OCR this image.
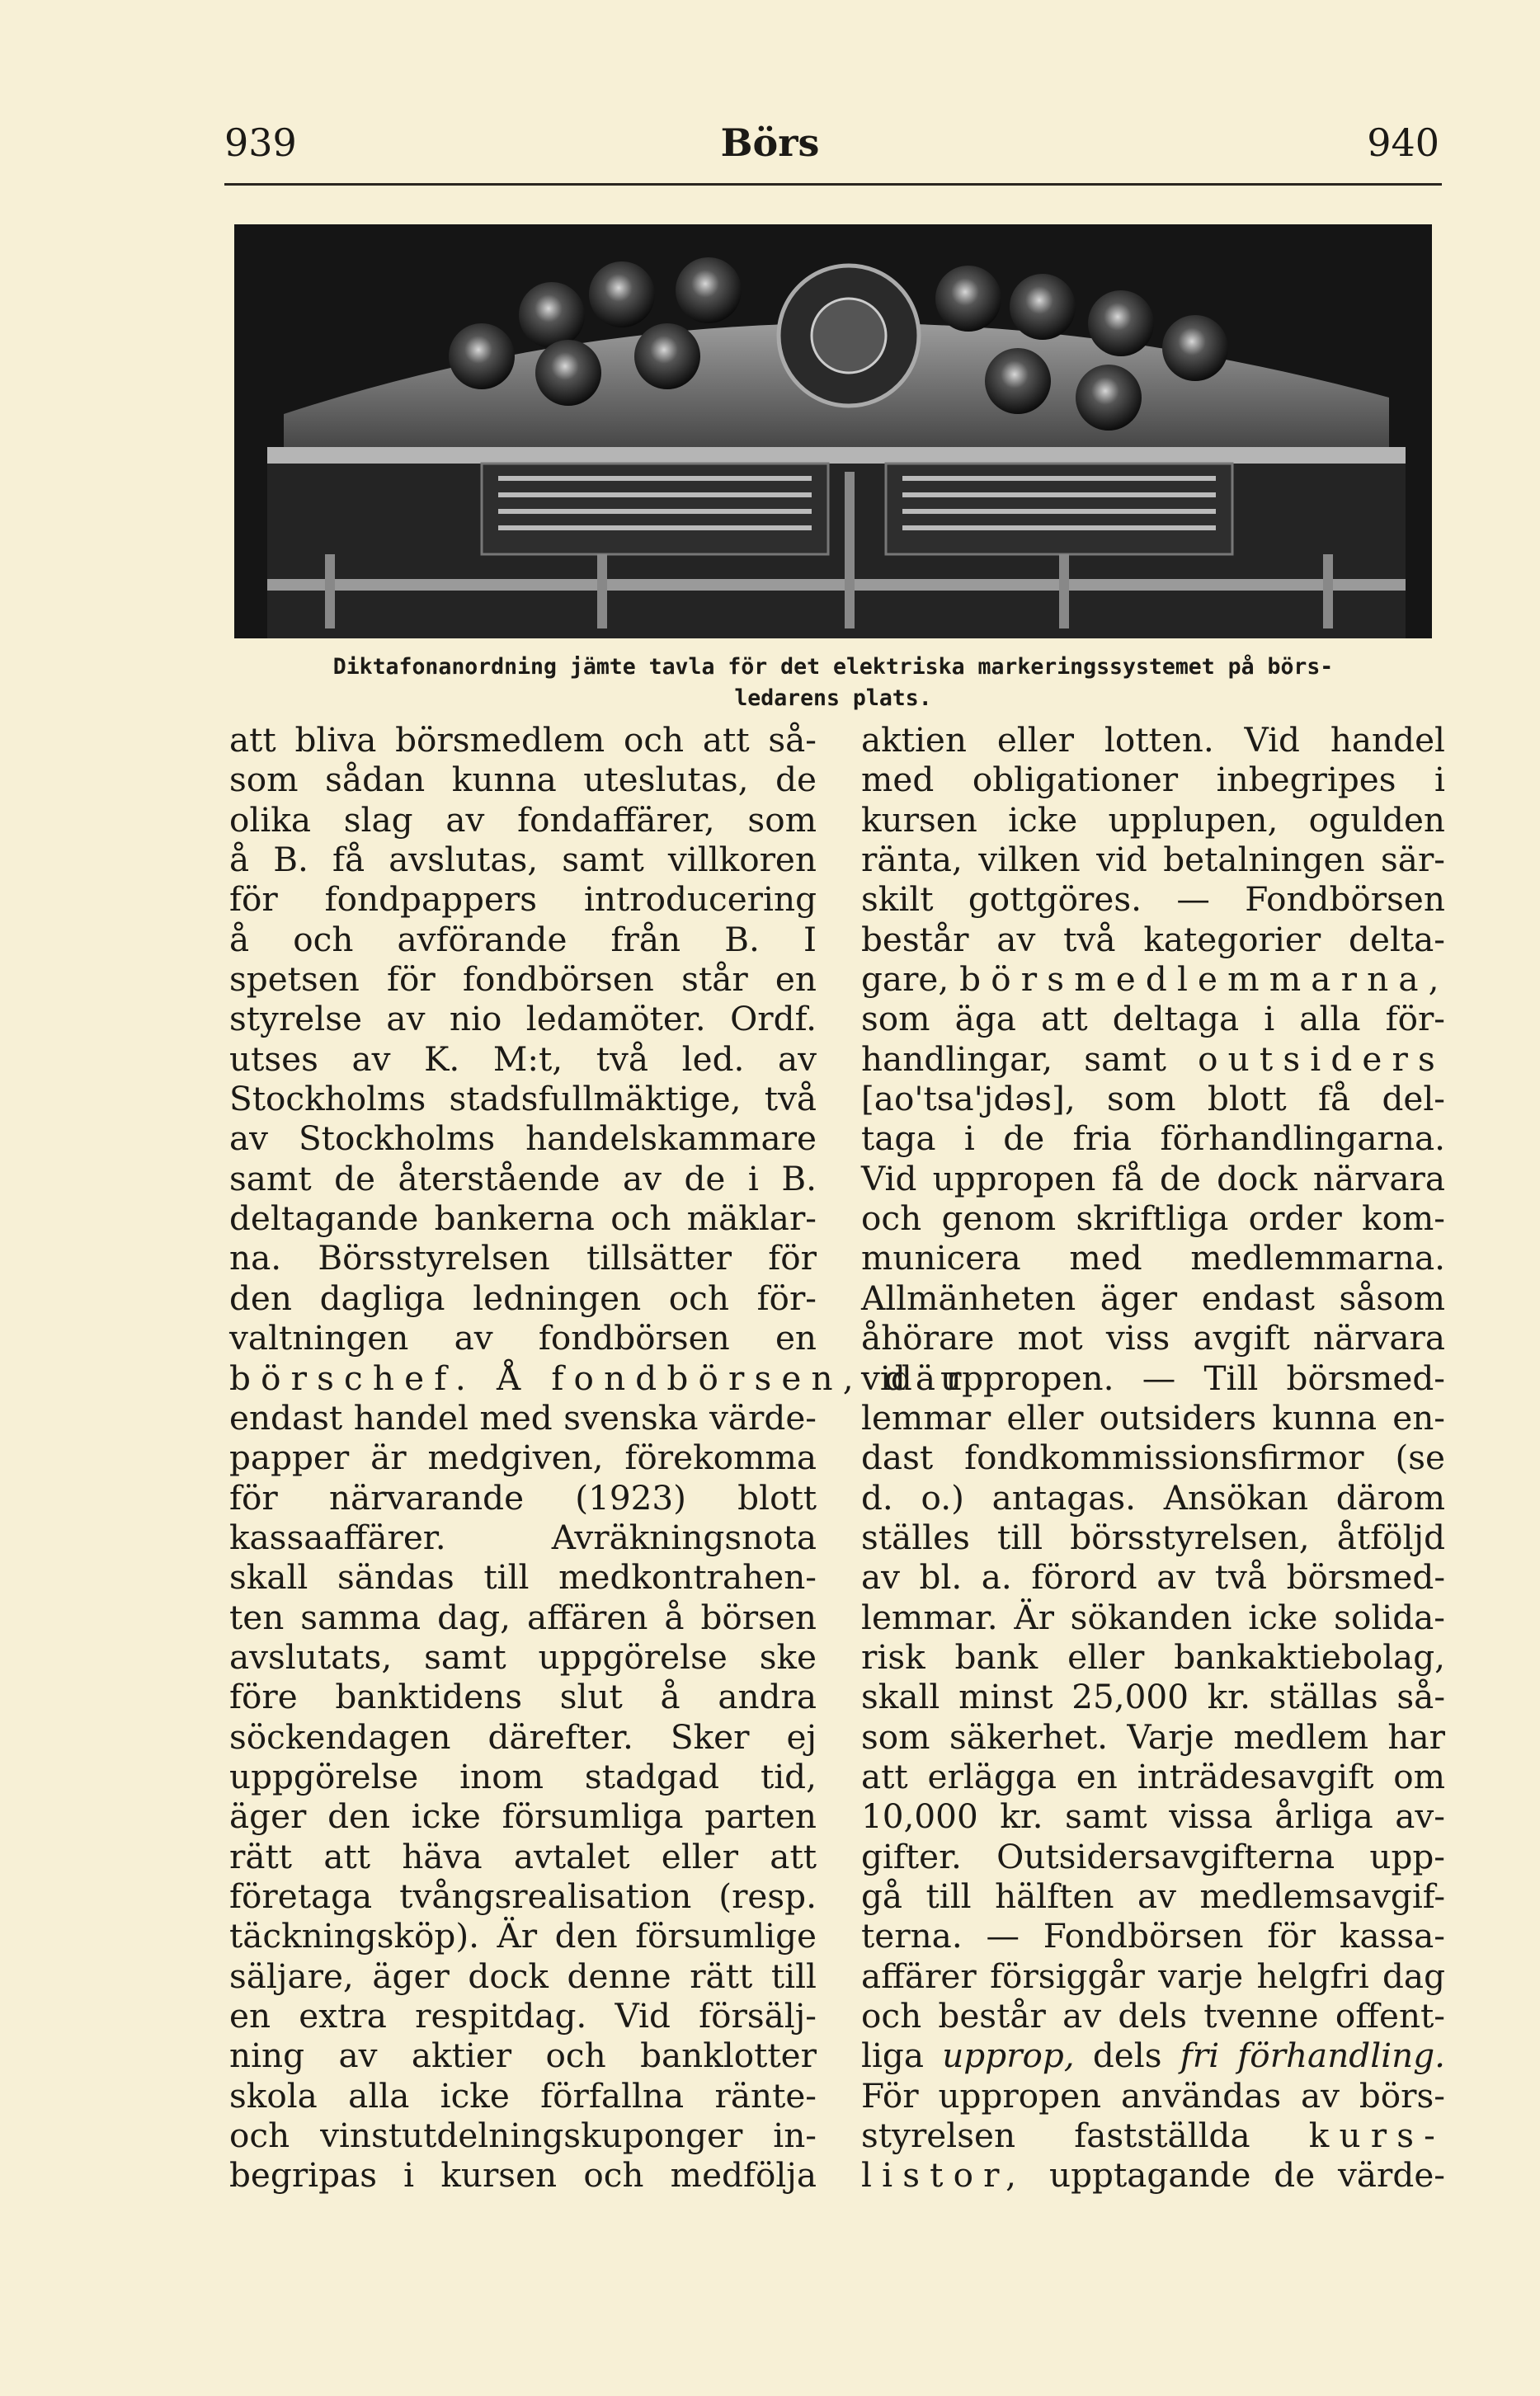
939	Börs	940
Diktafonanordning jämte tavla för det elektriska markeringssystemet på börs-
ledarens plats.
att bliva börsmedlem och att så-
som sådan kunna uteslutas, de
olika slag av fondaffärer, som
å B. få avslutas, samt villkoren
för fondpappers introducering
å och avförande från B. I
spetsen för fondbörsen står en
styrelse av nio ledamöter. Ordf.
utses av K. M:t, två led. av
Stockholms stadsfullmäktige, två
av Stockholms handelskammare
samt de återstående av de i B.
deltagande bankerna och mäklar-
na. Börsstyrelsen tillsätter för
den dagliga ledningen och för-
valtningen av fondbörsen en
börschef. Å fondbörsen, där
endast handel med svenska värde-
papper är medgiven, förekomma
för närvarande (1923) blott
kassaaffärer. Avräkningsnota
skall sändas till medkontrahen-
ten samma dag, affären å börsen
avslutats, samt uppgörelse ske
före banktidens slut å andra
söckendagen därefter. Sker ej
uppgörelse inom stadgad tid,
äger den icke försumliga parten
rätt att häva avtalet eller att
företaga tvångsrealisation (resp.
täckningsköp). Är den försumlige
säljare, äger dock denne rätt till
en extra respitdag. Vid försälj-
ning av aktier och banklotter
skola alla icke förfallna ränte-
och vinstutdelningskuponger in-
begripas i kursen och medfölja
aktien eller lotten. Vid handel
med obligationer inbegripes i
kursen icke upplupen, ogulden
ränta, vilken vid betalningen sär-
skilt gottgöres. — Fondbörsen
består av två kategorier delta-
gare, börsmedlemmarna,
som äga att deltaga i alla för-
handlingar, samt outsiders
[ao'tsa'jdəs], som blott få del-
taga i de fria förhandlingarna.
Vid uppropen få de dock närvara
och genom skriftliga order kom-
municera med medlemmarna.
Allmänheten äger endast såsom
åhörare mot viss avgift närvara
vid uppropen. — Till börsmed-
lemmar eller outsiders kunna en-
dast fondkommissionsfirmor (se
d. o.) antagas. Ansökan därom
ställes till börsstyrelsen, åtföljd
av bl. a. förord av två börsmed-
lemmar. Är sökanden icke solida-
risk bank eller bankaktiebolag,
skall minst 25,000 kr. ställas så-
som säkerhet. Varje medlem har
att erlägga en inträdesavgift om
10,000 kr. samt vissa årliga av-
gifter. Outsidersavgifterna upp-
gå till hälften av medlemsavgif-
terna. — Fondbörsen för kassa-
affärer försiggår varje helgfri dag
och består av dels tvenne offent-
liga upprop, dels fri förhandling.
För uppropen användas av börs-
styrelsen fastställda kurs-
listor, upptagande de värde-
